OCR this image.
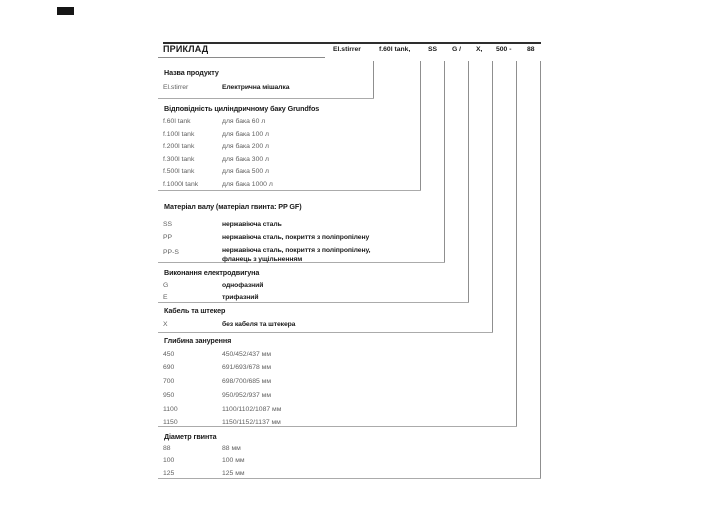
ПРИКЛАД	El.stirrer	f.60l tank,	SS G / X, 500 - 88
Назва продукту
El.stirrer	Електрична мішалка
Відповідність циліндричному баку Grundfos
f.60l tank	для бака 60 л
f.100l tank	для бака 100 л
f.200l tank	для бака 200 л
f.300l tank	для бака 300 л
f.500l tank	для бака 500 л
f.1000l tank	для бака 1000 л
Матеріал валу (матеріал гвинта: PP GF)
SS	нержавіюча сталь
PP	нержавіюча сталь, покриття з поліпропілену
PP-S	нержавіюча сталь, покриття з поліпропілену, фланець з ущільненням
Виконання електродвигуна
G	однофазний
E	трифазний
Кабель та штекер
X	без кабеля та штекера
Глибина занурення
450	450/452/437 мм
690	691/693/678 мм
700	698/700/685 мм
950	950/952/937 мм
1100	1100/1102/1087 мм
1150	1150/1152/1137 мм
Діаметр гвинта
88	88 мм
100	100 мм
125	125 мм
